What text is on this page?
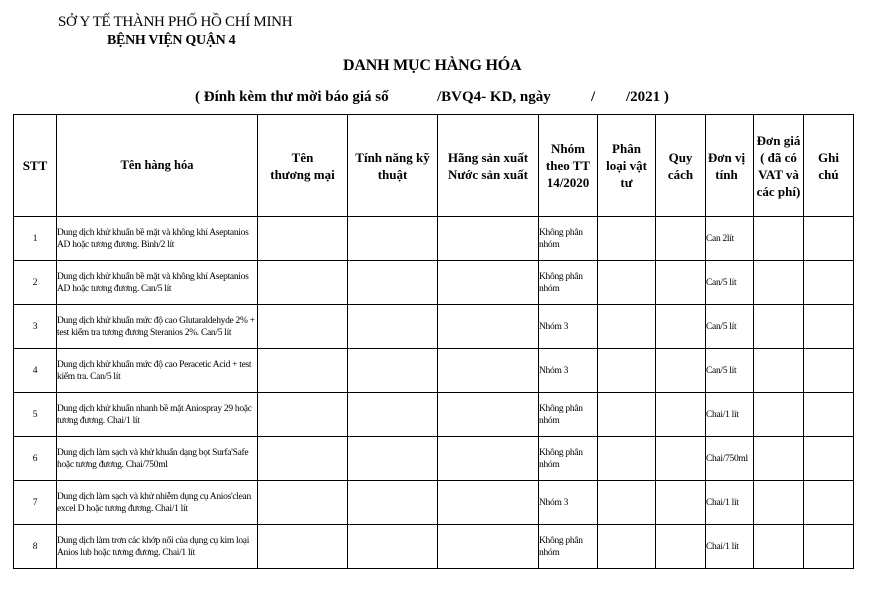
SỞ Y TẾ THÀNH PHỐ HỒ CHÍ MINH
BỆNH VIỆN QUẬN 4
DANH MỤC HÀNG HÓA
( Đính kèm thư mời báo giá số	/BVQ4- KD, ngày	/ /2021 )
STT	Tên hàng hóa	Tên thương mại	Tính năng kỹ thuật	Hãng sản xuất Nước sản xuất	Nhóm theo TT 14/2020	Phân loại vật tư	Quy cách	Đơn vị tính	Đơn giá ( đã có VAT và các phí)	Ghi chú
1	Dung dịch khử khuẩn bề mặt và không khí Aseptanios AD hoặc tương đương. Bình/2 lít				Không phân nhóm			Can 2lít		
2	Dung dịch khử khuẩn bề mặt và không khí Aseptanios AD hoặc tương đương. Can/5 lít				Không phân nhóm			Can/5 lít		
3	Dung dịch khử khuẩn mức độ cao Glutaraldehyde 2% + test kiểm tra tương đương Steranios 2%. Can/5 lít				Nhóm 3			Can/5 lít		
4	Dung dịch khử khuẩn mức độ cao Peracetic Acid + test kiểm tra. Can/5 lít				Nhóm 3			Can/5 lít		
5	Dung dịch khử khuẩn nhanh bề mặt Aniospray 29 hoặc tương đương. Chai/1 lít				Không phân nhóm			Chai/1 lít		
6	Dung dịch làm sạch và khử khuẩn dạng bọt Surfa'Safe hoặc tương đương. Chai/750ml				Không phân nhóm			Chai/750ml		
7	Dung dịch làm sạch và khử nhiễm dụng cụ Anios'clean excel D hoặc tương đương. Chai/1 lít				Nhóm 3			Chai/1 lít		
8	Dung dịch làm trơn các khớp nối của dụng cụ kim loại Anios lub hoặc tương đương. Chai/1 lít				Không phân nhóm			Chai/1 lít		
